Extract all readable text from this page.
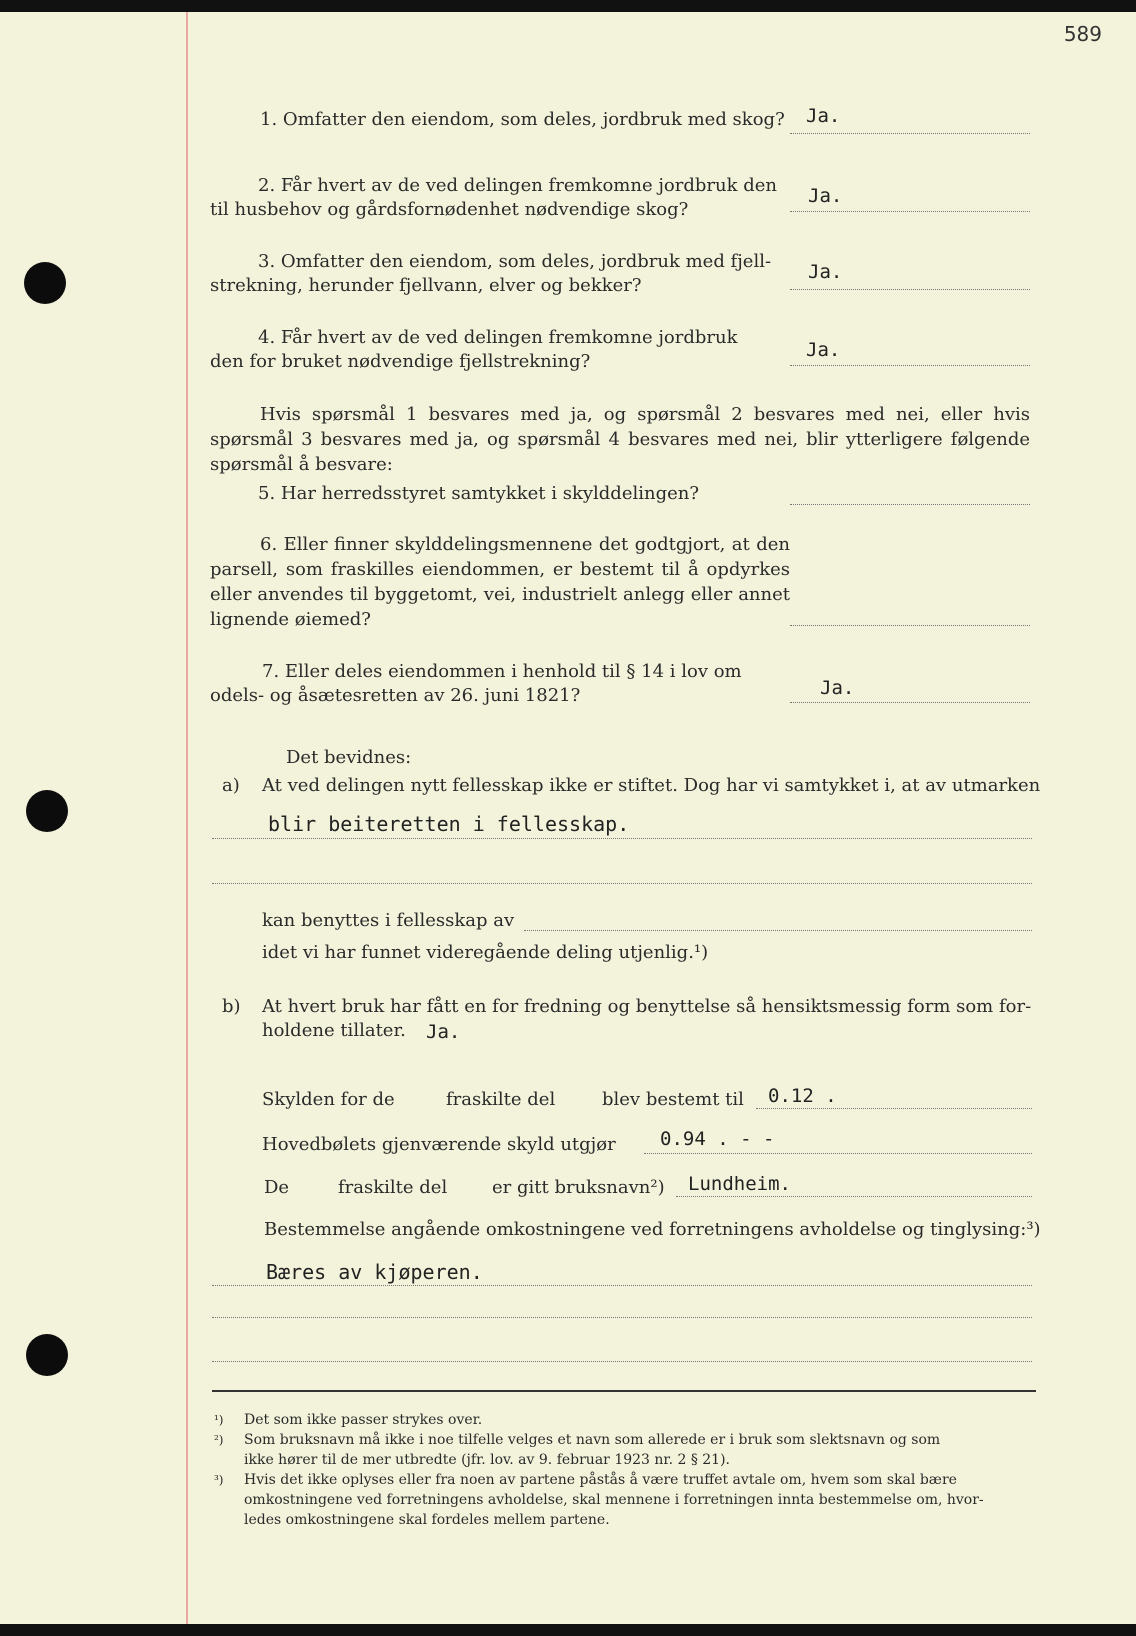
589
1. Omfatter den eiendom, som deles, jordbruk med skog? Ja.
2. Får hvert av de ved delingen fremkomne jordbruk den
til husbehov og gårdsfornødenhet nødvendige skog?
Ja.
3. Omfatter den eiendom, som deles, jordbruk med fjell-
strekning, herunder fjellvann, elver og bekker?
Ja.
4. Får hvert av de ved delingen fremkomne jordbruk
den for bruket nødvendige fjellstrekning?
Ja.
Hvis spørsmål 1 besvares med ja, og spørsmål 2 besvares med nei, eller hvis spørsmål 3 besvares med ja, og spørsmål 4 besvares med nei, blir ytterligere følgende spørsmål å besvare:
5. Har herredsstyret samtykket i skylddelingen?
6. Eller finner skylddelingsmennene det godtgjort, at den parsell, som fraskilles eiendommen, er bestemt til å opdyrkes eller anvendes til byggetomt, vei, industrielt anlegg eller annet lignende øiemed?
7. Eller deles eiendommen i henhold til § 14 i lov om
odels- og åsætesretten av 26. juni 1821?	Ja.
Det bevidnes:
a) At ved delingen nytt fellesskap ikke er stiftet. Dog har vi samtykket i, at av utmarken
blir beiteretten i fellesskap.
kan benyttes i fellesskap av
idet vi har funnet videregående deling utjenlig.¹)
b) At hvert bruk har fått en for fredning og benyttelse så hensiktsmessig form som for-
holdene tillater. Ja.
Skylden for de	fraskilte del	blev bestemt til 0.12 .
Hovedbølets gjenværende skyld utgjør 0.94 . - -
De	fraskilte del er gitt bruksnavn²) Lundheim.
Bestemmelse angående omkostningene ved forretningens avholdelse og tinglysing:³)
Bæres av kjøperen.
¹) Det som ikke passer strykes over.
²) Som bruksnavn må ikke i noe tilfelle velges et navn som allerede er i bruk som slektsnavn og som
ikke hører til de mer utbredte (jfr. lov. av 9. februar 1923 nr. 2 § 21).
³) Hvis det ikke oplyses eller fra noen av partene påstås å være truffet avtale om, hvem som skal bære
omkostningene ved forretningens avholdelse, skal mennene i forretningen innta bestemmelse om, hvor-
ledes omkostningene skal fordeles mellem partene.
